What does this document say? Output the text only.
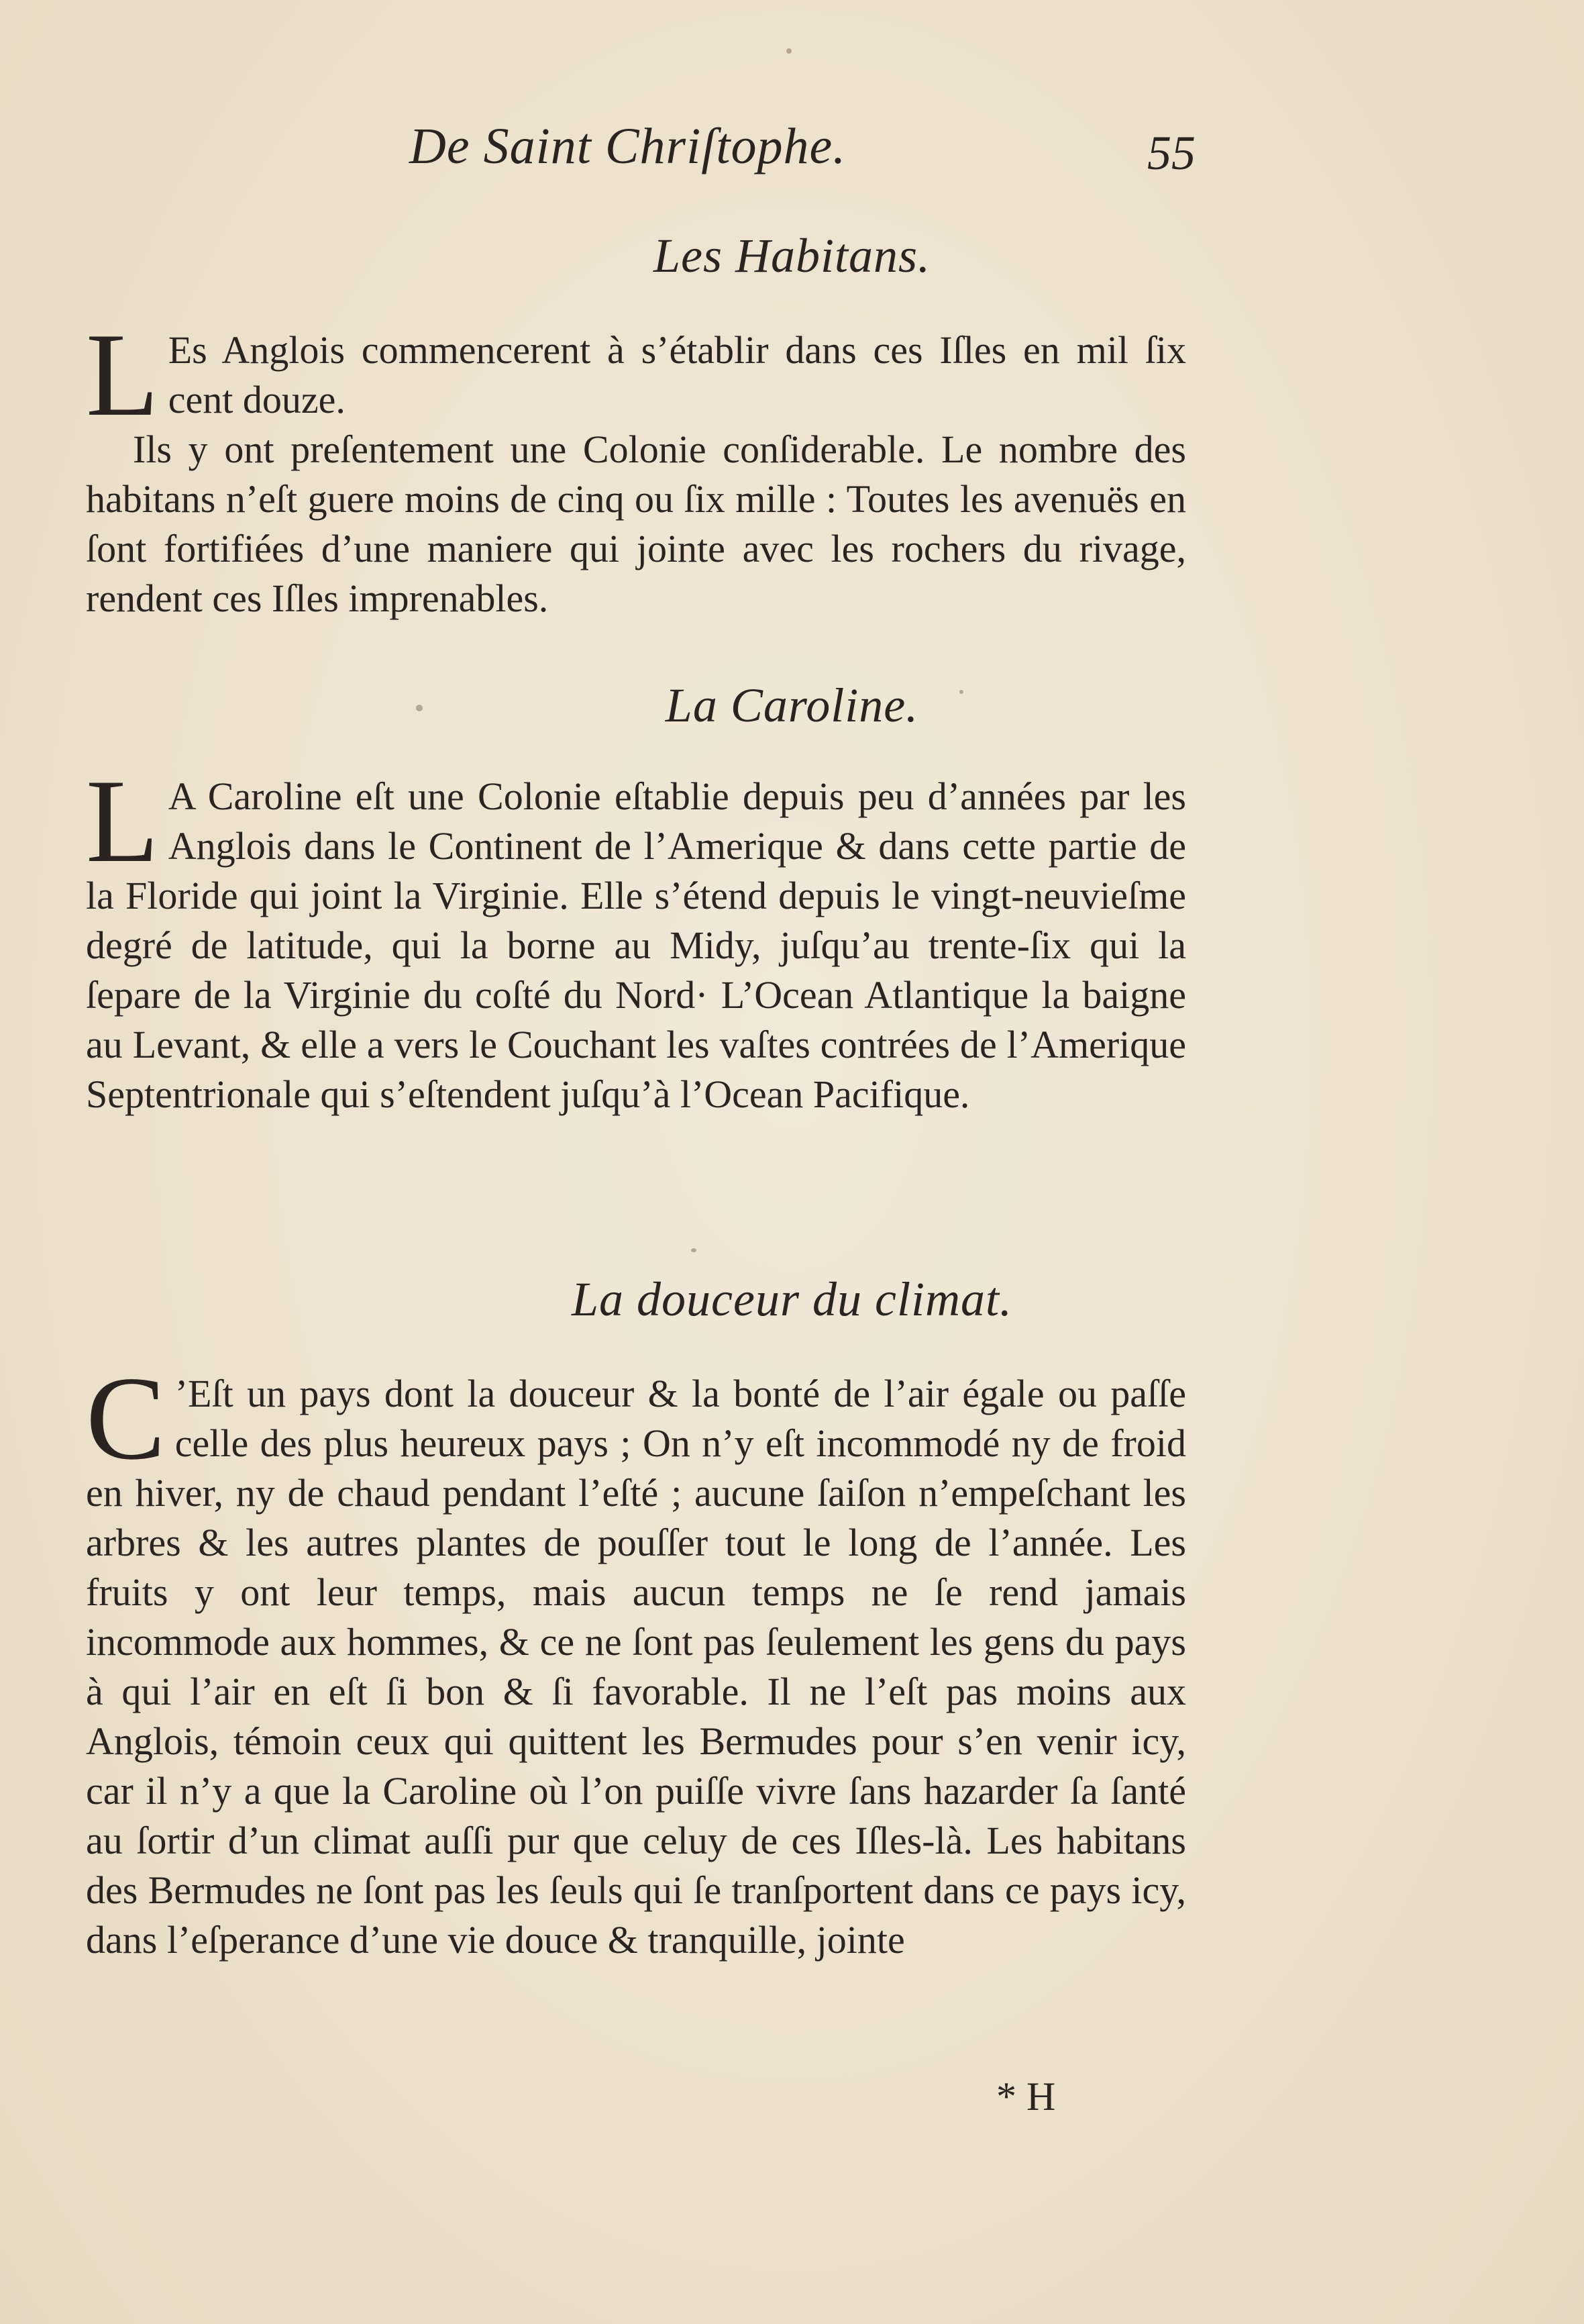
De Saint Chriſtophe.	55
Les Habitans.
L Es Anglois commencerent à s’établir dans ces Iſles en mil ſix cent douze.
Ils y ont preſentement une Colonie conſiderable. Le nombre des habitans n’eſt guere moins de cinq ou ſix mille : Toutes les avenuës en ſont fortifiées d’une maniere qui jointe avec les rochers du rivage, rendent ces Iſles imprenables.
La Caroline.
L A Caroline eſt une Colonie eſtablie depuis peu d’années par les Anglois dans le Continent de l’Amerique & dans cette partie de la Floride qui joint la Virginie. Elle s’étend depuis le vingt-neuvieſme degré de latitude, qui la borne au Midy, juſqu’au trente-ſix qui la ſepare de la Virginie du coſté du Nord· L’Ocean Atlantique la baigne au Levant, & elle a vers le Couchant les vaſtes contrées de l’Amerique Septentrionale qui s’eſtendent juſqu’à l’Ocean Pacifique.
La douceur du climat.
C ’Eſt un pays dont la douceur & la bonté de l’air égale ou paſſe celle des plus heureux pays ; On n’y eſt incommodé ny de froid en hiver, ny de chaud pendant l’eſté ; aucune ſaiſon n’empeſchant les arbres & les autres plantes de pouſſer tout le long de l’année. Les fruits y ont leur temps, mais aucun temps ne ſe rend jamais incommode aux hommes, & ce ne ſont pas ſeulement les gens du pays à qui l’air en eſt ſi bon & ſi favorable. Il ne l’eſt pas moins aux Anglois, témoin ceux qui quittent les Bermudes pour s’en venir icy, car il n’y a que la Caroline où l’on puiſſe vivre ſans hazarder ſa ſanté au ſortir d’un climat auſſi pur que celuy de ces Iſles-là. Les habitans des Bermudes ne ſont pas les ſeuls qui ſe tranſportent dans ce pays icy, dans l’eſperance d’une vie douce & tranquille, jointe
* H
